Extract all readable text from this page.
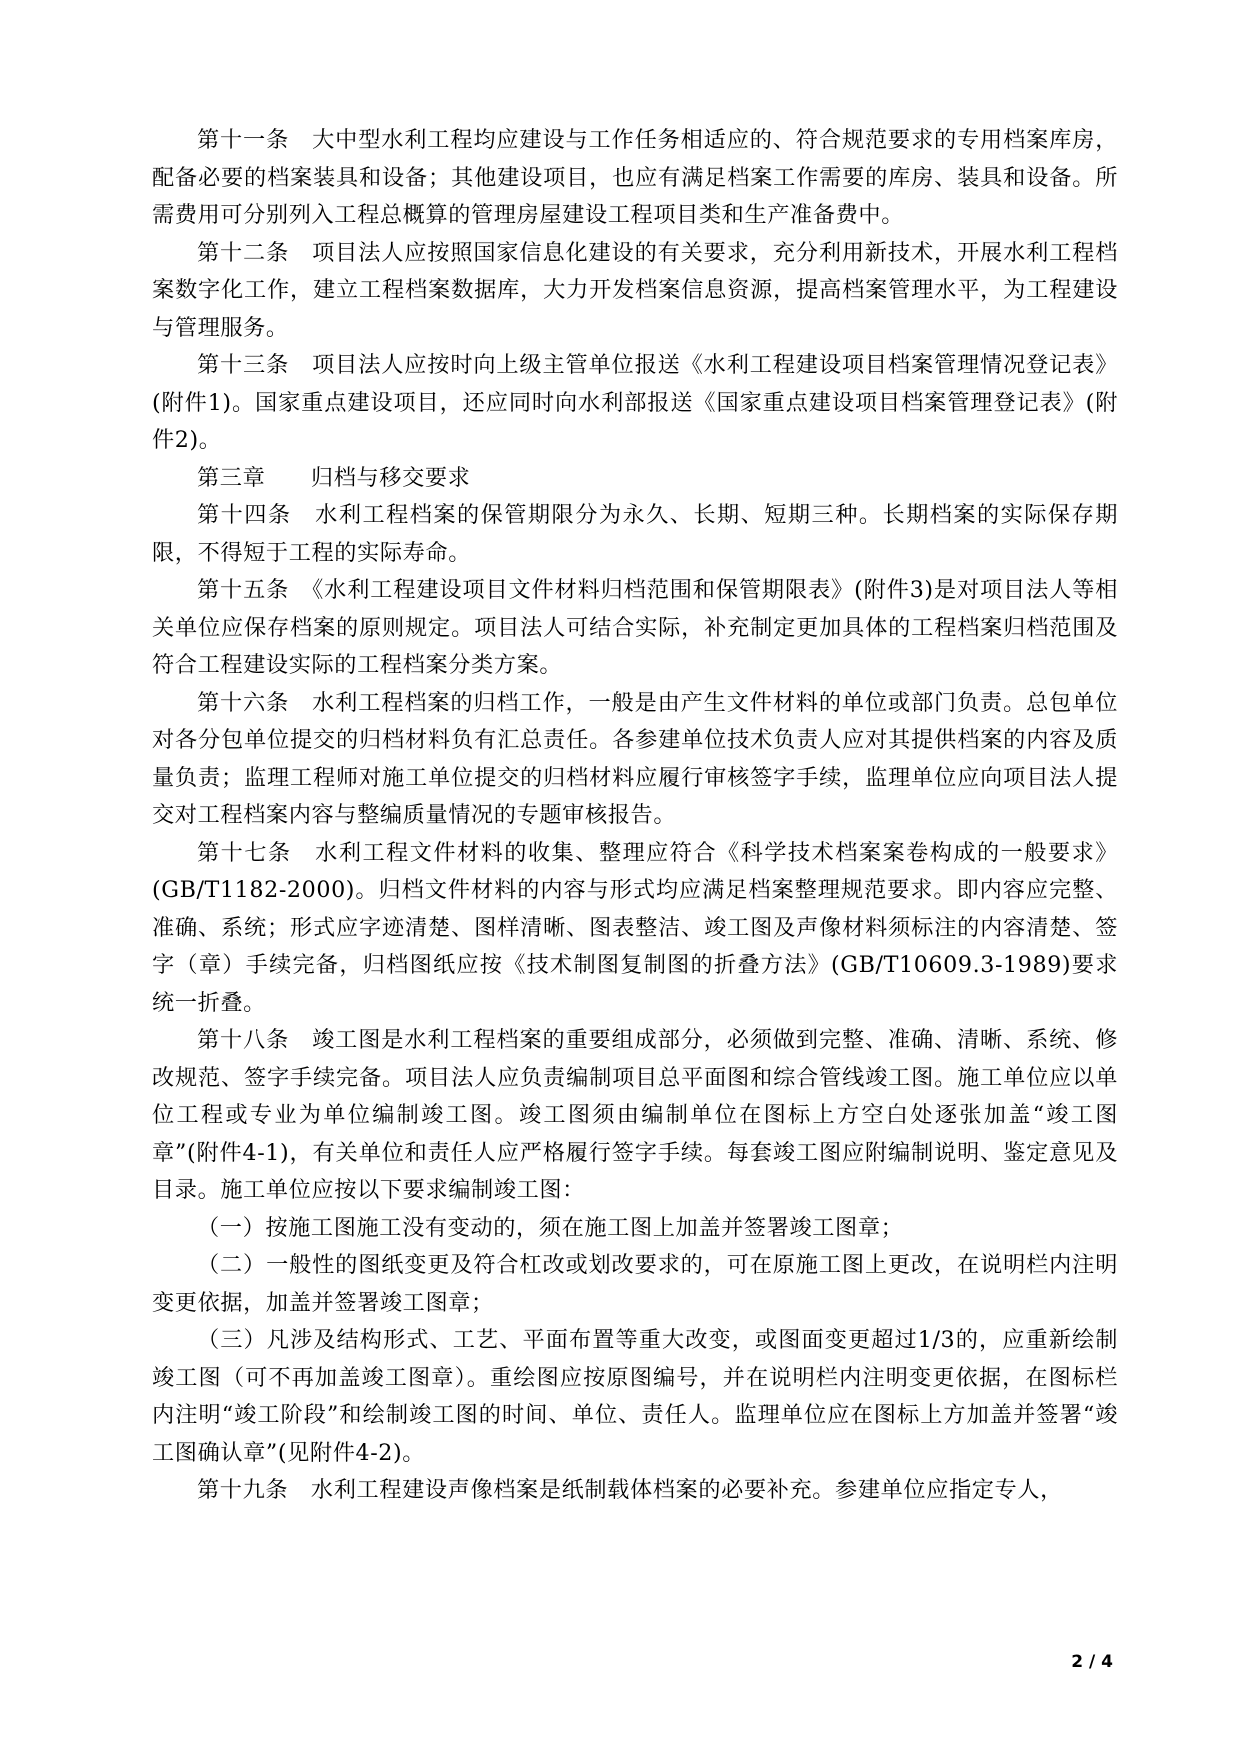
第十一条　大中型水利工程均应建设与工作任务相适应的、符合规范要求的专用档案库房，配备必要的档案装具和设备；其他建设项目，也应有满足档案工作需要的库房、装具和设备。所需费用可分别列入工程总概算的管理房屋建设工程项目类和生产准备费中。

第十二条　项目法人应按照国家信息化建设的有关要求，充分利用新技术，开展水利工程档案数字化工作，建立工程档案数据库，大力开发档案信息资源，提高档案管理水平，为工程建设与管理服务。

第十三条　项目法人应按时向上级主管单位报送《水利工程建设项目档案管理情况登记表》(附件1)。国家重点建设项目，还应同时向水利部报送《国家重点建设项目档案管理登记表》(附件2)。

第三章　　归档与移交要求

第十四条　水利工程档案的保管期限分为永久、长期、短期三种。长期档案的实际保存期限，不得短于工程的实际寿命。

第十五条　《水利工程建设项目文件材料归档范围和保管期限表》(附件3)是对项目法人等相关单位应保存档案的原则规定。项目法人可结合实际，补充制定更加具体的工程档案归档范围及符合工程建设实际的工程档案分类方案。

第十六条　水利工程档案的归档工作，一般是由产生文件材料的单位或部门负责。总包单位对各分包单位提交的归档材料负有汇总责任。各参建单位技术负责人应对其提供档案的内容及质量负责；监理工程师对施工单位提交的归档材料应履行审核签字手续，监理单位应向项目法人提交对工程档案内容与整编质量情况的专题审核报告。

第十七条　水利工程文件材料的收集、整理应符合《科学技术档案案卷构成的一般要求》(GB/T1182-2000)。归档文件材料的内容与形式均应满足档案整理规范要求。即内容应完整、准确、系统；形式应字迹清楚、图样清晰、图表整洁、竣工图及声像材料须标注的内容清楚、签字（章）手续完备，归档图纸应按《技术制图复制图的折叠方法》(GB/T10609.3-1989)要求统一折叠。

第十八条　竣工图是水利工程档案的重要组成部分，必须做到完整、准确、清晰、系统、修改规范、签字手续完备。项目法人应负责编制项目总平面图和综合管线竣工图。施工单位应以单位工程或专业为单位编制竣工图。竣工图须由编制单位在图标上方空白处逐张加盖“竣工图章”(附件4-1)，有关单位和责任人应严格履行签字手续。每套竣工图应附编制说明、鉴定意见及目录。施工单位应按以下要求编制竣工图：

（一）按施工图施工没有变动的，须在施工图上加盖并签署竣工图章；

（二）一般性的图纸变更及符合杠改或划改要求的，可在原施工图上更改，在说明栏内注明变更依据，加盖并签署竣工图章；

（三）凡涉及结构形式、工艺、平面布置等重大改变，或图面变更超过1/3的，应重新绘制竣工图（可不再加盖竣工图章）。重绘图应按原图编号，并在说明栏内注明变更依据，在图标栏内注明“竣工阶段”和绘制竣工图的时间、单位、责任人。监理单位应在图标上方加盖并签署“竣工图确认章”(见附件4-2)。

第十九条　水利工程建设声像档案是纸制载体档案的必要补充。参建单位应指定专人，

2 / 4
